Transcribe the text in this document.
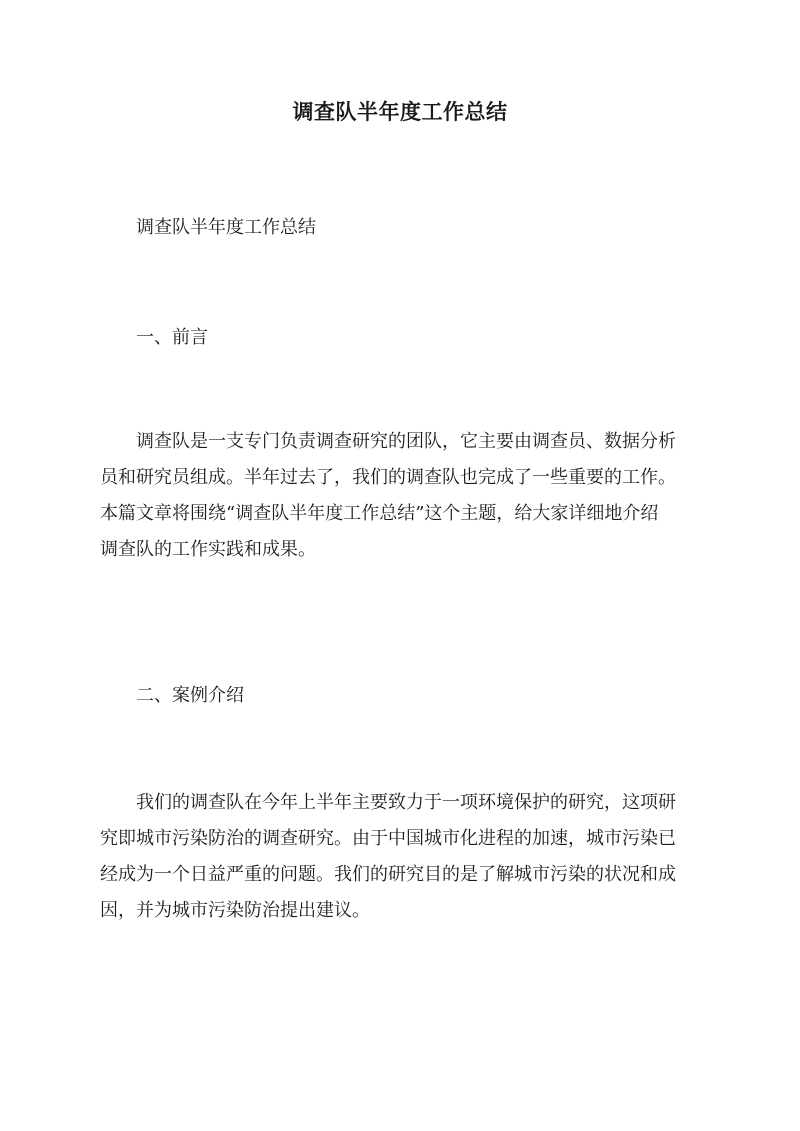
调查队半年度工作总结
调查队半年度工作总结
一、前言
调查队是一支专门负责调查研究的团队，它主要由调查员、数据分析
员和研究员组成。半年过去了，我们的调查队也完成了一些重要的工作。
本篇文章将围绕“调查队半年度工作总结”这个主题，给大家详细地介绍
调查队的工作实践和成果。
二、案例介绍
我们的调查队在今年上半年主要致力于一项环境保护的研究，这项研
究即城市污染防治的调查研究。由于中国城市化进程的加速，城市污染已
经成为一个日益严重的问题。我们的研究目的是了解城市污染的状况和成
因，并为城市污染防治提出建议。
